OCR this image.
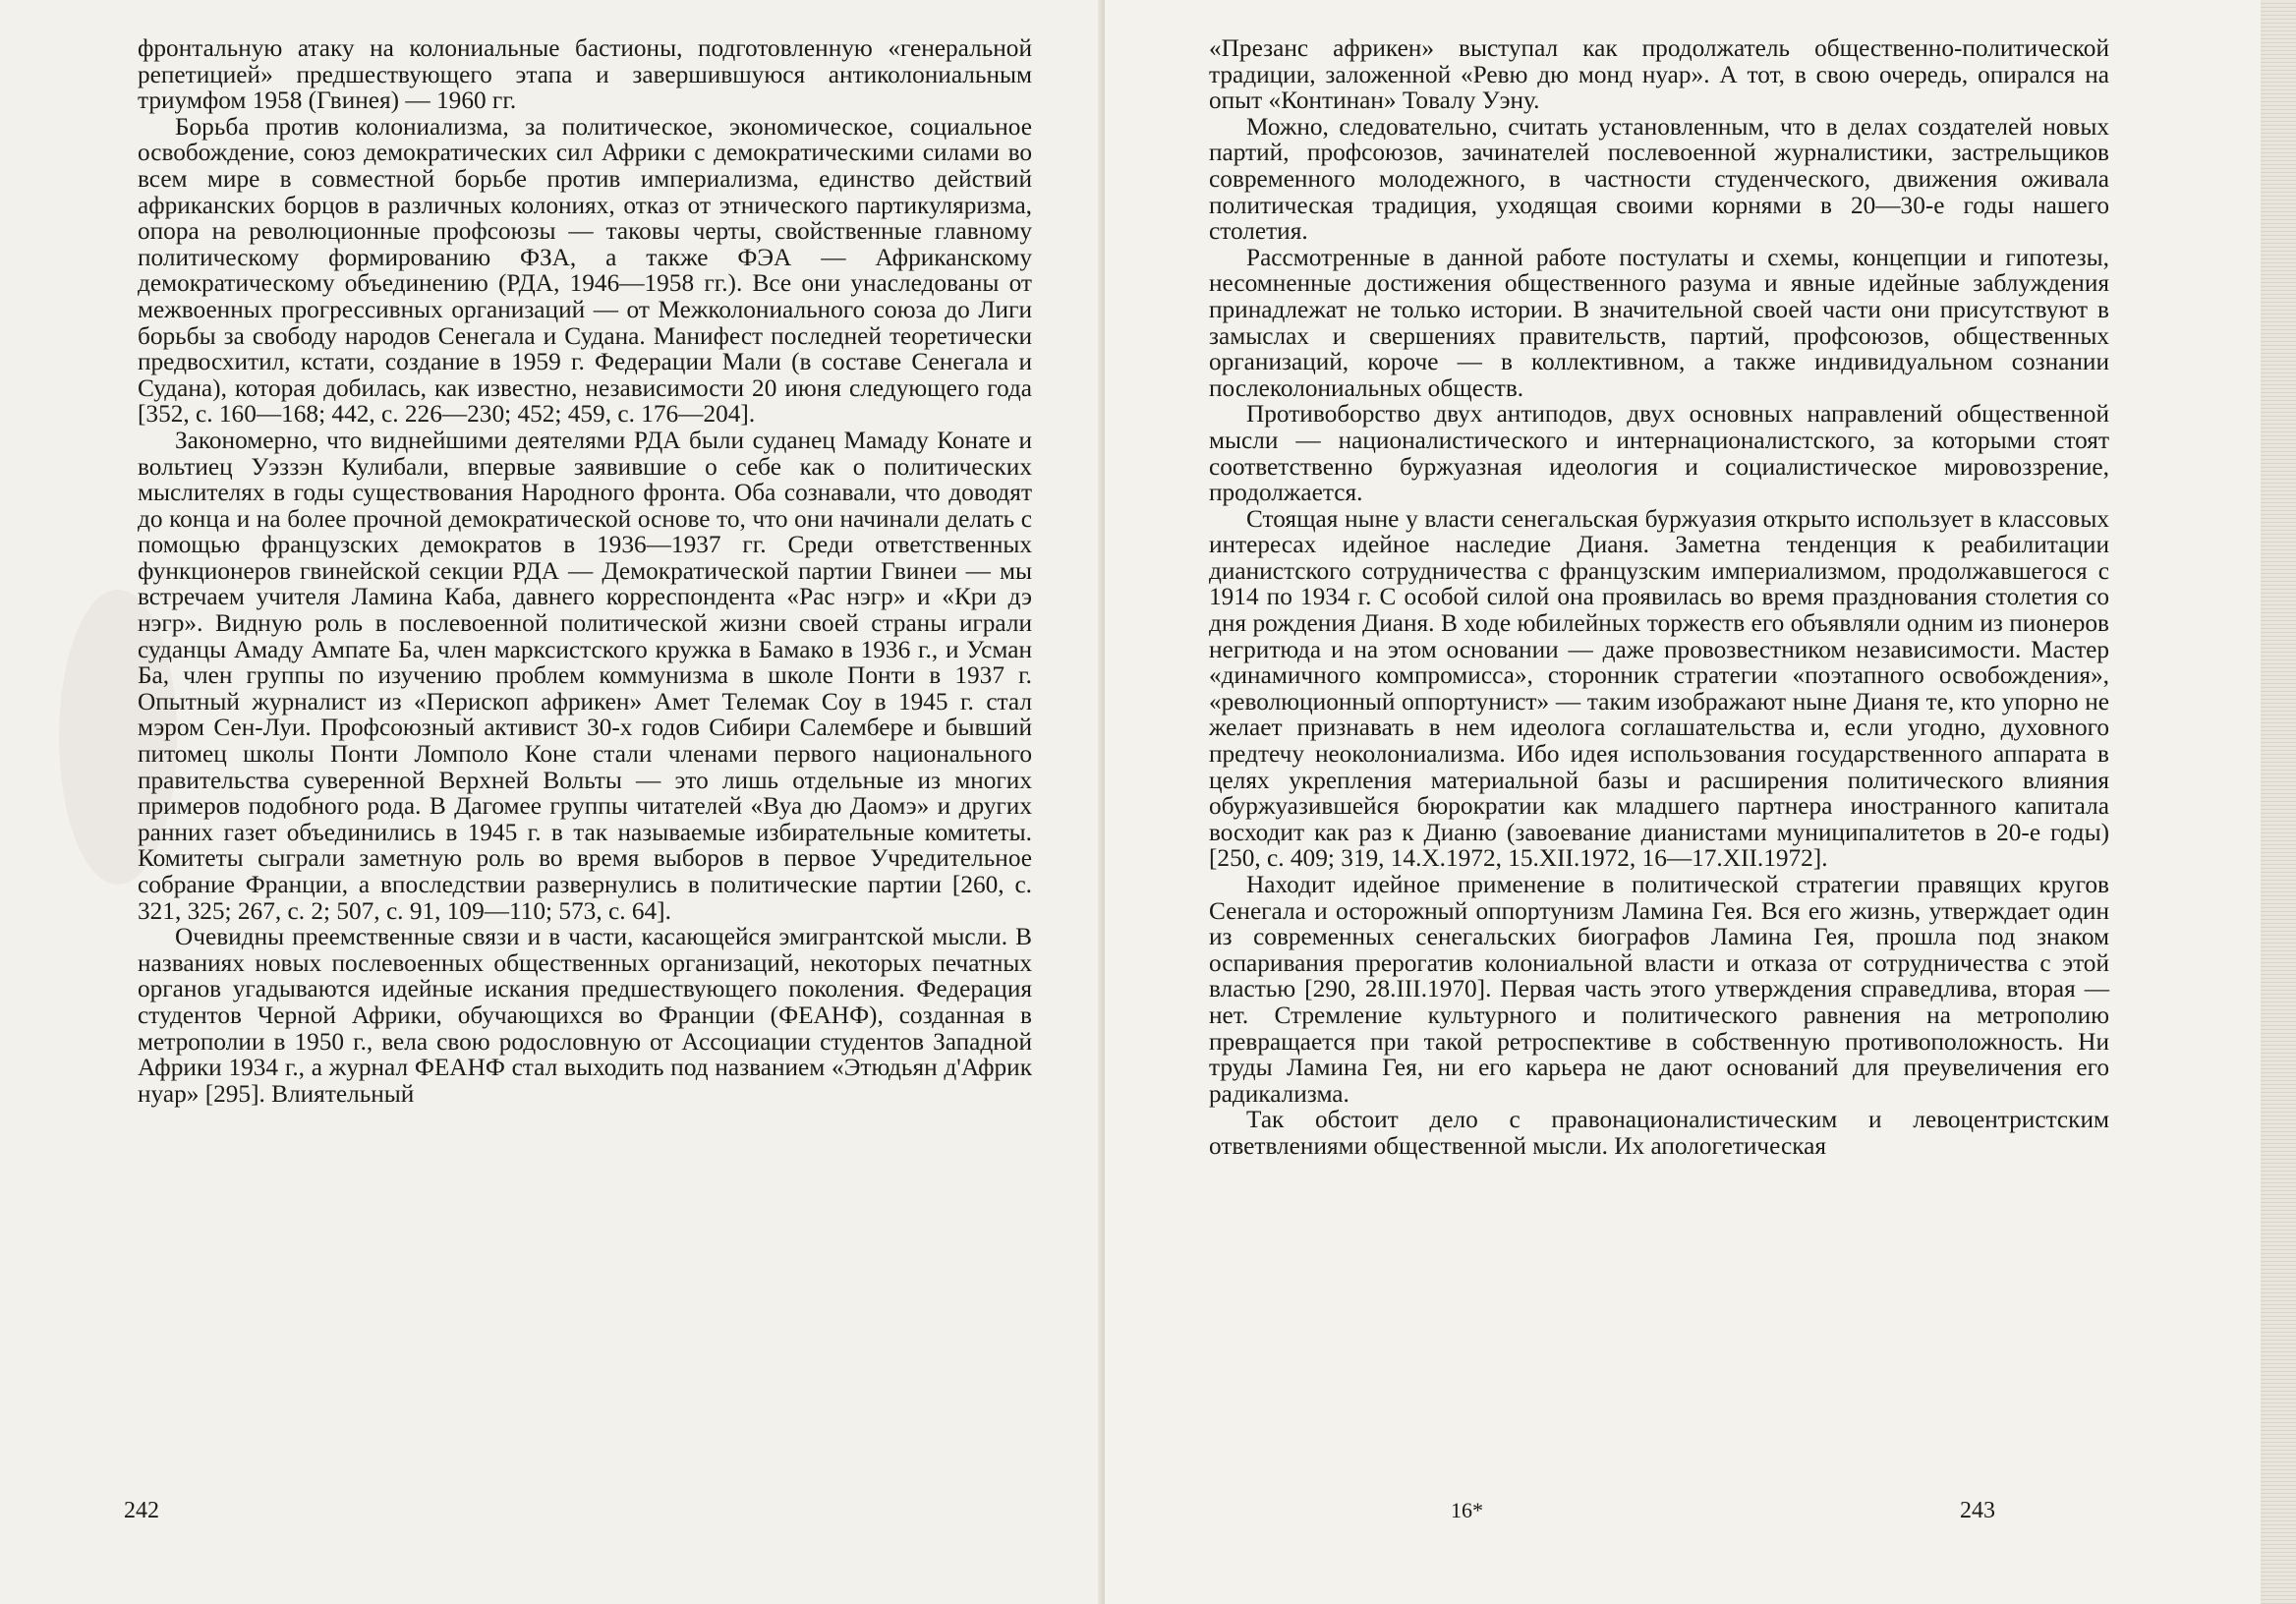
фронтальную атаку на колониальные бастионы, подготовленную «генеральной репетицией» предшествующего этапа и завершившуюся антиколониальным триумфом 1958 (Гвинея) — 1960 гг.

Борьба против колониализма, за политическое, экономическое, социальное освобождение, союз демократических сил Африки с демократическими силами во всем мире в совместной борьбе против империализма, единство действий африканских борцов в различных колониях, отказ от этнического партикуляризма, опора на революционные профсоюзы — таковы черты, свойственные главному политическому формированию ФЗА, а также ФЭА — Африканскому демократическому объединению (РДА, 1946—1958 гг.). Все они унаследованы от межвоенных прогрессивных организаций — от Межколониального союза до Лиги борьбы за свободу народов Сенегала и Судана. Манифест последней теоретически предвосхитил, кстати, создание в 1959 г. Федерации Мали (в составе Сенегала и Судана), которая добилась, как известно, независимости 20 июня следующего года [352, с. 160—168; 442, с. 226—230; 452; 459, с. 176—204].

Закономерно, что виднейшими деятелями РДА были суданец Мамаду Конате и вольтиец Уэззэн Кулибали, впервые заявившие о себе как о политических мыслителях в годы существования Народного фронта. Оба сознавали, что доводят до конца и на более прочной демократической основе то, что они начинали делать с помощью французских демократов в 1936—1937 гг. Среди ответственных функционеров гвинейской секции РДА — Демократической партии Гвинеи — мы встречаем учителя Ламина Каба, давнего корреспондента «Рас нэгр» и «Кри дэ нэгр». Видную роль в послевоенной политической жизни своей страны играли суданцы Амаду Ампате Ба, член марксистского кружка в Бамако в 1936 г., и Усман Ба, член группы по изучению проблем коммунизма в школе Понти в 1937 г. Опытный журналист из «Перископ африкен» Амет Телемак Соу в 1945 г. стал мэром Сен-Луи. Профсоюзный активист 30-х годов Сибири Салембере и бывший питомец школы Понти Ломполо Коне стали членами первого национального правительства суверенной Верхней Вольты — это лишь отдельные из многих примеров подобного рода. В Дагомее группы читателей «Вуа дю Даомэ» и других ранних газет объединились в 1945 г. в так называемые избирательные комитеты. Комитеты сыграли заметную роль во время выборов в первое Учредительное собрание Франции, а впоследствии развернулись в политические партии [260, с. 321, 325; 267, с. 2; 507, с. 91, 109—110; 573, с. 64].

Очевидны преемственные связи и в части, касающейся эмигрантской мысли. В названиях новых послевоенных общественных организаций, некоторых печатных органов угадываются идейные искания предшествующего поколения. Федерация студентов Черной Африки, обучающихся во Франции (ФЕАНФ), созданная в метрополии в 1950 г., вела свою родословную от Ассоциации студентов Западной Африки 1934 г., а журнал ФЕАНФ стал выходить под названием «Этюдьян д'Африк нуар» [295]. Влиятельный

242

«Презанс африкен» выступал как продолжатель общественно-политической традиции, заложенной «Ревю дю монд нуар». А тот, в свою очередь, опирался на опыт «Континан» Товалу Уэну.

Можно, следовательно, считать установленным, что в делах создателей новых партий, профсоюзов, зачинателей послевоенной журналистики, застрельщиков современного молодежного, в частности студенческого, движения оживала политическая традиция, уходящая своими корнями в 20—30-е годы нашего столетия.

Рассмотренные в данной работе постулаты и схемы, концепции и гипотезы, несомненные достижения общественного разума и явные идейные заблуждения принадлежат не только истории. В значительной своей части они присутствуют в замыслах и свершениях правительств, партий, профсоюзов, общественных организаций, короче — в коллективном, а также индивидуальном сознании послеколониальных обществ.

Противоборство двух антиподов, двух основных направлений общественной мысли — националистического и интернационалистского, за которыми стоят соответственно буржуазная идеология и социалистическое мировоззрение, продолжается.

Стоящая ныне у власти сенегальская буржуазия открыто использует в классовых интересах идейное наследие Дианя. Заметна тенденция к реабилитации дианистского сотрудничества с французским империализмом, продолжавшегося с 1914 по 1934 г. С особой силой она проявилась во время празднования столетия со дня рождения Дианя. В ходе юбилейных торжеств его объявляли одним из пионеров негритюда и на этом основании — даже провозвестником независимости. Мастер «динамичного компромисса», сторонник стратегии «поэтапного освобождения», «революционный оппортунист» — таким изображают ныне Дианя те, кто упорно не желает признавать в нем идеолога соглашательства и, если угодно, духовного предтечу неоколониализма. Ибо идея использования государственного аппарата в целях укрепления материальной базы и расширения политического влияния обуржуазившейся бюрократии как младшего партнера иностранного капитала восходит как раз к Дианю (завоевание дианистами муниципалитетов в 20-е годы) [250, с. 409; 319, 14.X.1972, 15.XII.1972, 16—17.XII.1972].

Находит идейное применение в политической стратегии правящих кругов Сенегала и осторожный оппортунизм Ламина Гея. Вся его жизнь, утверждает один из современных сенегальских биографов Ламина Гея, прошла под знаком оспаривания прерогатив колониальной власти и отказа от сотрудничества с этой властью [290, 28.III.1970]. Первая часть этого утверждения справедлива, вторая — нет. Стремление культурного и политического равнения на метрополию превращается при такой ретроспективе в собственную противоположность. Ни труды Ламина Гея, ни его карьера не дают оснований для преувеличения его радикализма.

Так обстоит дело с правонационалистическим и левоцентристским ответвлениями общественной мысли. Их апологетическая

16*	243
